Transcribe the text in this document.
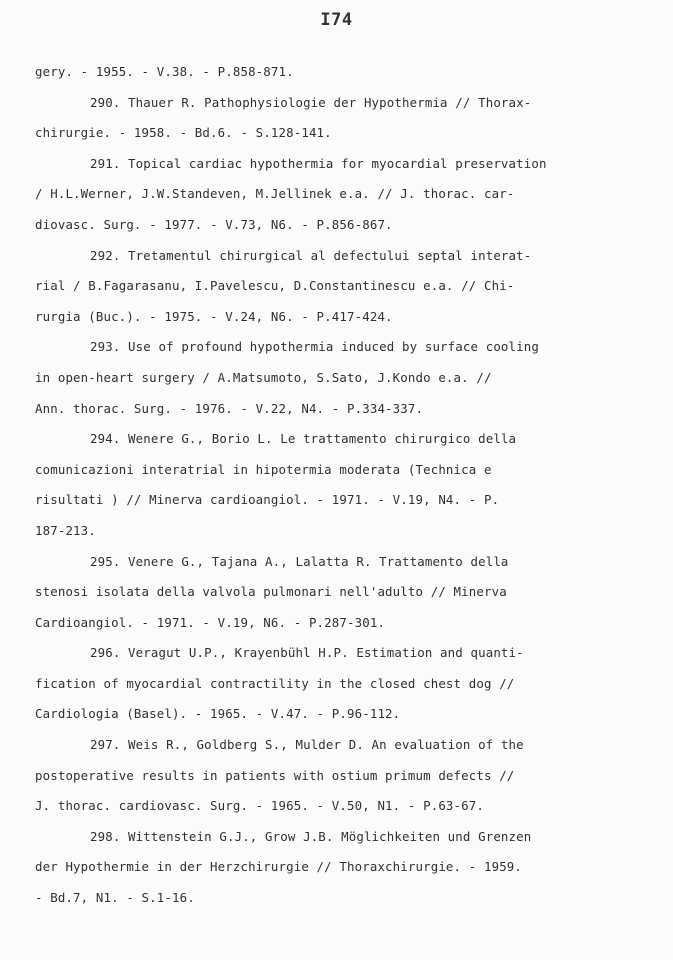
I74
gery. - 1955. - V.38. - P.858-871.
290. Thauer R. Pathophysiologie der Hypothermia // Thorax-
chirurgie. - 1958. - Bd.6. - S.128-141.
291. Topical cardiac hypothermia for myocardial preservation
/ H.L.Werner, J.W.Standeven, M.Jellinek e.a. // J. thorac. car-
diovasc. Surg. - 1977. - V.73, N6. - P.856-867.
292. Tretamentul chirurgical al defectului septal interat-
rial / B.Fagarasanu, I.Pavelescu, D.Constantinescu e.a. // Chi-
rurgia (Buc.). - 1975. - V.24, N6. - P.417-424.
293. Use of profound hypothermia induced by surface cooling
in open-heart surgery / A.Matsumoto, S.Sato, J.Kondo e.a. //
Ann. thorac. Surg. - 1976. - V.22, N4. - P.334-337.
294. Wenere G., Borio L. Le trattamento chirurgico della
comunicazioni interatrial in hipotermia moderata (Technica e
risultati ) // Minerva cardioangiol. - 1971. - V.19, N4. - P.
187-213.
295. Venere G., Tajana A., Lalatta R. Trattamento della
stenosi isolata della valvola pulmonari nell'adulto // Minerva
Cardioangiol. - 1971. - V.19, N6. - P.287-301.
296. Veragut U.P., Krayenbühl H.P. Estimation and quanti-
fication of myocardial contractility in the closed chest dog //
Cardiologia (Basel). - 1965. - V.47. - P.96-112.
297. Weis R., Goldberg S., Mulder D. An evaluation of the
postoperative results in patients with ostium primum defects //
J. thorac. cardiovasc. Surg. - 1965. - V.50, N1. - P.63-67.
298. Wittenstein G.J., Grow J.B. Möglichkeiten und Grenzen
der Hypothermie in der Herzchirurgie // Thoraxchirurgie. - 1959.
- Bd.7, N1. - S.1-16.
